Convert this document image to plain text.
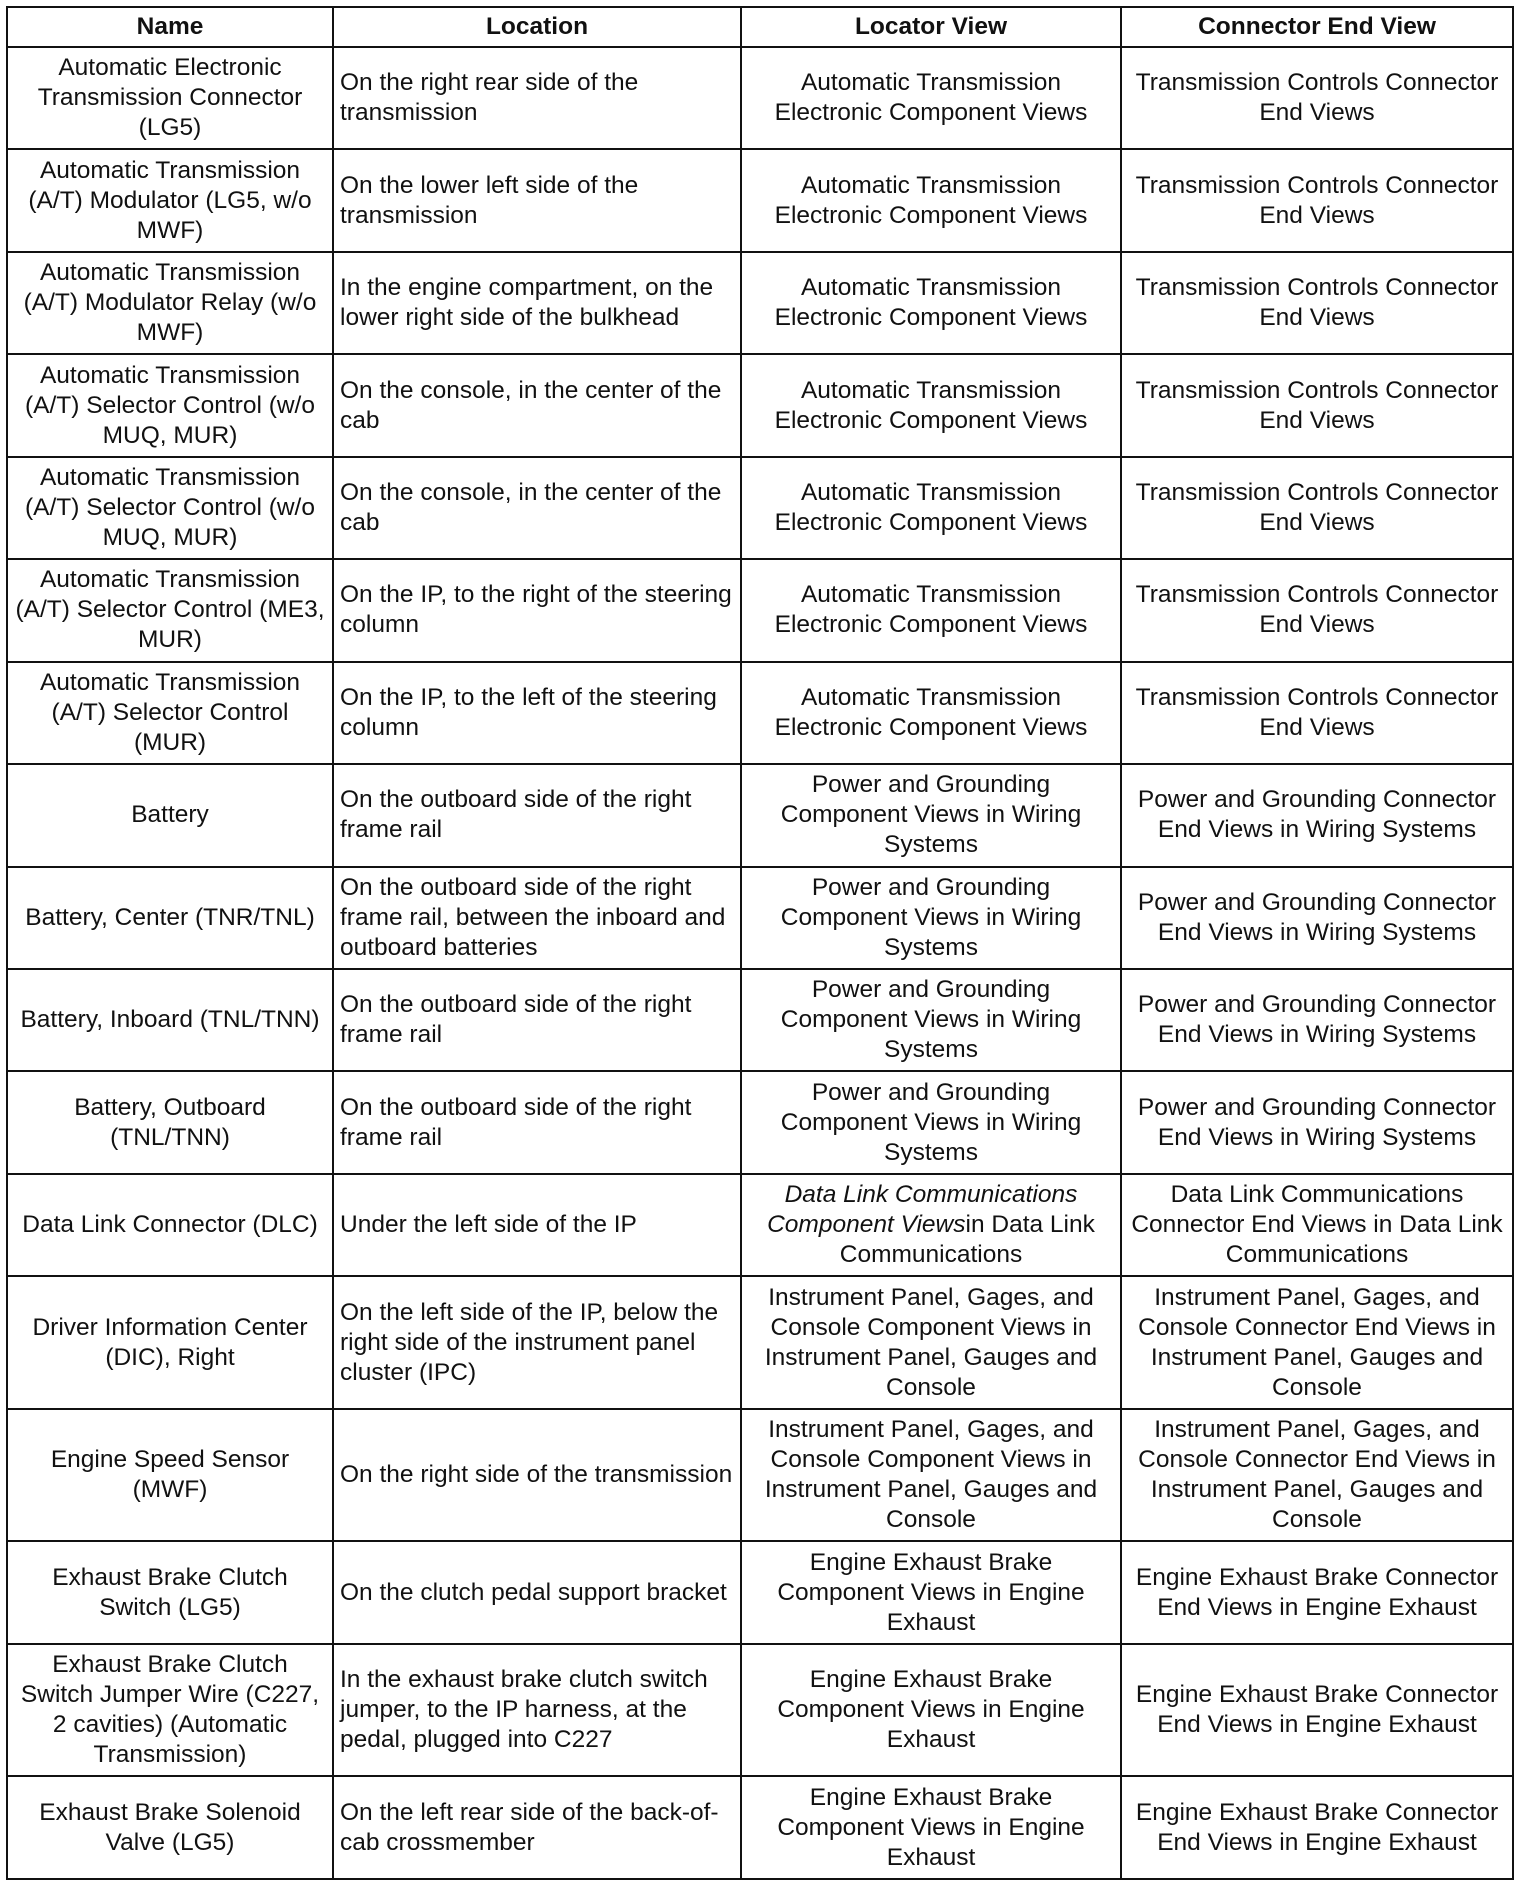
Name	Location	Locator View	Connector End View
Automatic Electronic Transmission Connector (LG5)	On the right rear side of the transmission	Automatic Transmission Electronic Component Views	Transmission Controls Connector End Views
Automatic Transmission (A/T) Modulator (LG5, w/o MWF)	On the lower left side of the transmission	Automatic Transmission Electronic Component Views	Transmission Controls Connector End Views
Automatic Transmission (A/T) Modulator Relay (w/o MWF)	In the engine compartment, on the lower right side of the bulkhead	Automatic Transmission Electronic Component Views	Transmission Controls Connector End Views
Automatic Transmission (A/T) Selector Control (w/o MUQ, MUR)	On the console, in the center of the cab	Automatic Transmission Electronic Component Views	Transmission Controls Connector End Views
Automatic Transmission (A/T) Selector Control (w/o MUQ, MUR)	On the console, in the center of the cab	Automatic Transmission Electronic Component Views	Transmission Controls Connector End Views
Automatic Transmission (A/T) Selector Control (ME3, MUR)	On the IP, to the right of the steering column	Automatic Transmission Electronic Component Views	Transmission Controls Connector End Views
Automatic Transmission (A/T) Selector Control (MUR)	On the IP, to the left of the steering column	Automatic Transmission Electronic Component Views	Transmission Controls Connector End Views
Battery	On the outboard side of the right frame rail	Power and Grounding Component Views in Wiring Systems	Power and Grounding Connector End Views in Wiring Systems
Battery, Center (TNR/TNL)	On the outboard side of the right frame rail, between the inboard and outboard batteries	Power and Grounding Component Views in Wiring Systems	Power and Grounding Connector End Views in Wiring Systems
Battery, Inboard (TNL/TNN)	On the outboard side of the right frame rail	Power and Grounding Component Views in Wiring Systems	Power and Grounding Connector End Views in Wiring Systems
Battery, Outboard (TNL/TNN)	On the outboard side of the right frame rail	Power and Grounding Component Views in Wiring Systems	Power and Grounding Connector End Views in Wiring Systems
Data Link Connector (DLC)	Under the left side of the IP	Data Link Communications Component Viewsin Data Link Communications	Data Link Communications Connector End Views in Data Link Communications
Driver Information Center (DIC), Right	On the left side of the IP, below the right side of the instrument panel cluster (IPC)	Instrument Panel, Gages, and Console Component Views in Instrument Panel, Gauges and Console	Instrument Panel, Gages, and Console Connector End Views in Instrument Panel, Gauges and Console
Engine Speed Sensor (MWF)	On the right side of the transmission	Instrument Panel, Gages, and Console Component Views in Instrument Panel, Gauges and Console	Instrument Panel, Gages, and Console Connector End Views in Instrument Panel, Gauges and Console
Exhaust Brake Clutch Switch (LG5)	On the clutch pedal support bracket	Engine Exhaust Brake Component Views in Engine Exhaust	Engine Exhaust Brake Connector End Views in Engine Exhaust
Exhaust Brake Clutch Switch Jumper Wire (C227, 2 cavities) (Automatic Transmission)	In the exhaust brake clutch switch jumper, to the IP harness, at the pedal, plugged into C227	Engine Exhaust Brake Component Views in Engine Exhaust	Engine Exhaust Brake Connector End Views in Engine Exhaust
Exhaust Brake Solenoid Valve (LG5)	On the left rear side of the back-of-cab crossmember	Engine Exhaust Brake Component Views in Engine Exhaust	Engine Exhaust Brake Connector End Views in Engine Exhaust
